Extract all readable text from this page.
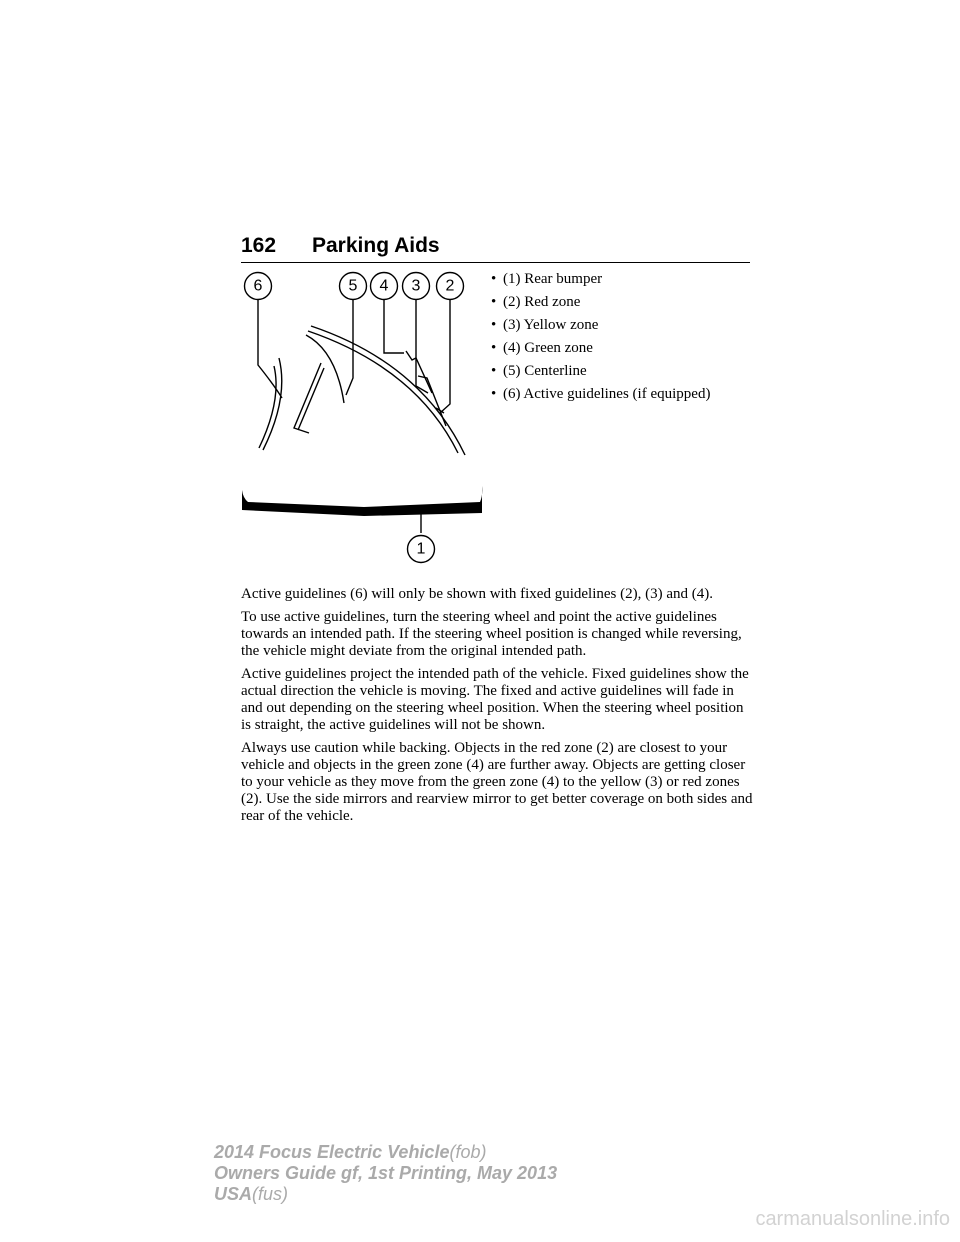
162 Parking Aids
6	5 4 3 2
1
• (1) Rear bumper
• (2) Red zone
• (3) Yellow zone
• (4) Green zone
• (5) Centerline
• (6) Active guidelines (if equipped)

Active guidelines (6) will only be shown with fixed guidelines (2), (3) and (4).

To use active guidelines, turn the steering wheel and point the active guidelines towards an intended path. If the steering wheel position is changed while reversing, the vehicle might deviate from the original intended path.

Active guidelines project the intended path of the vehicle. Fixed guidelines show the actual direction the vehicle is moving. The fixed and active guidelines will fade in and out depending on the steering wheel position. When the steering wheel position is straight, the active guidelines will not be shown.

Always use caution while backing. Objects in the red zone (2) are closest to your vehicle and objects in the green zone (4) are further away. Objects are getting closer to your vehicle as they move from the green zone (4) to the yellow (3) or red zones (2). Use the side mirrors and rearview mirror to get better coverage on both sides and rear of the vehicle.

2014 Focus Electric Vehicle(fob)
Owners Guide gf, 1st Printing, May 2013
USA(fus)
carmanualsonline.info
